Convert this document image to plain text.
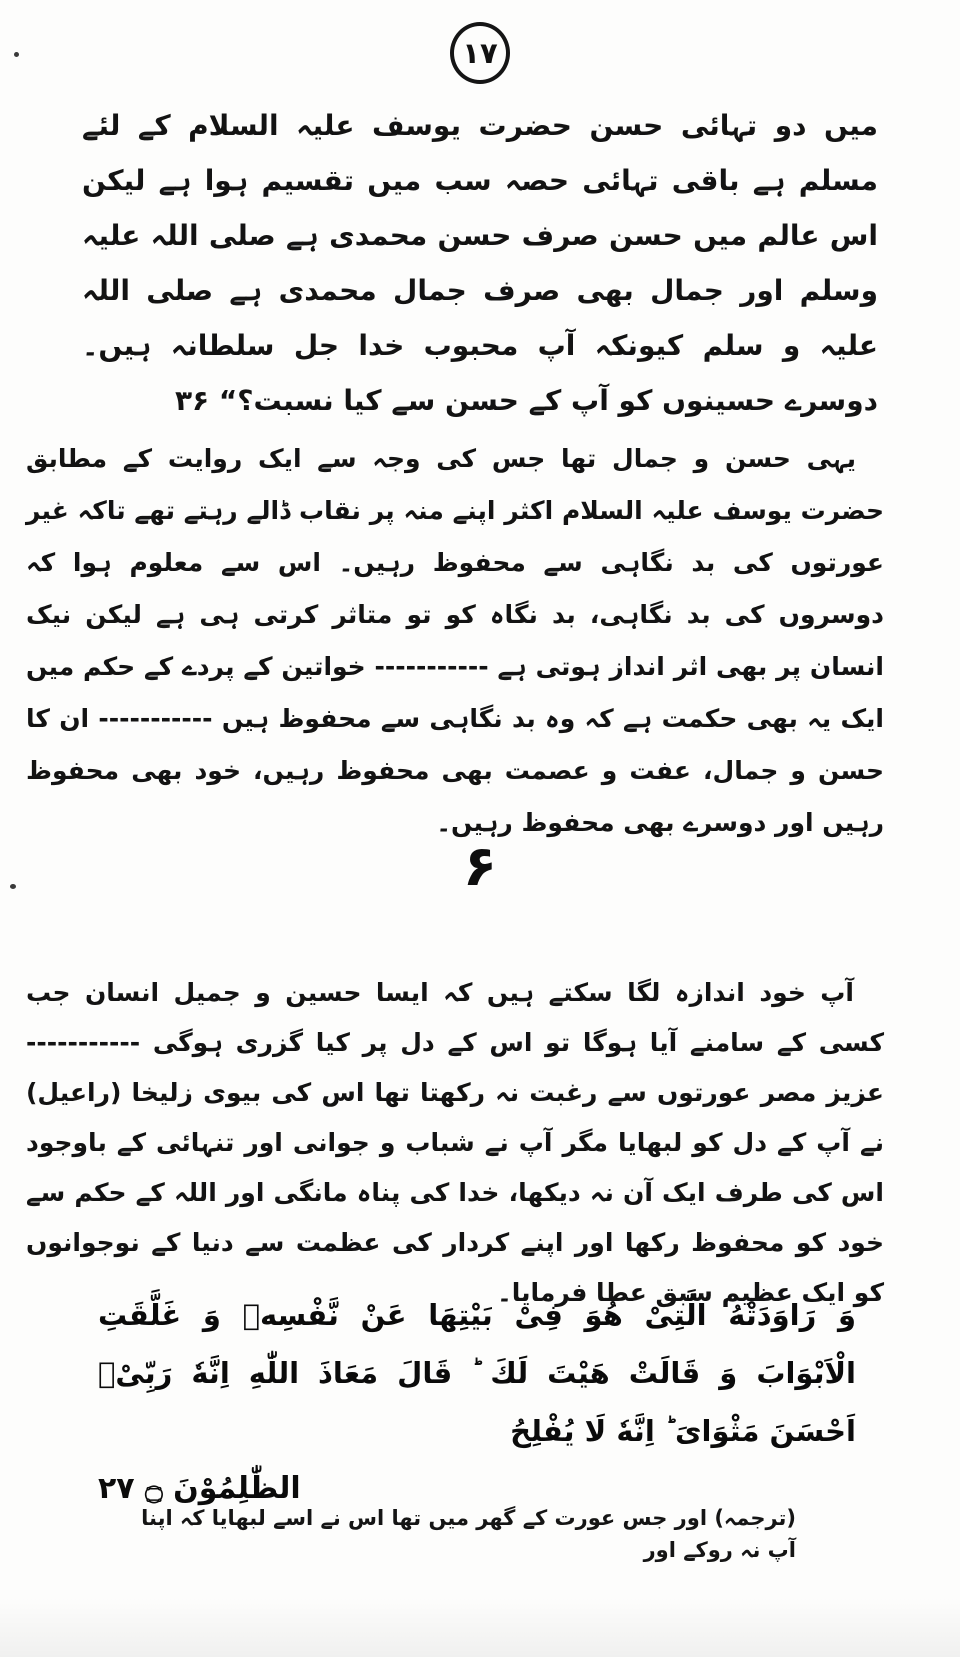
۱۷

میں دو تہائی حسن حضرت یوسف علیہ السلام کے لئے مسلم ہے باقی تہائی حصہ سب میں تقسیم ہوا ہے لیکن اس عالم میں حسن صرف حسن محمدی ہے صلی اللہ علیہ وسلم اور جمال بھی صرف جمال محمدی ہے صلی اللہ علیہ و سلم کیونکہ آپ محبوب خدا جل سلطانہ ہیں۔ دوسرے حسینوں کو آپ کے حسن سے کیا نسبت؟“ ۳۶

یہی حسن و جمال تھا جس کی وجہ سے ایک روایت کے مطابق حضرت یوسف علیہ السلام اکثر اپنے منہ پر نقاب ڈالے رہتے تھے تاکہ غیر عورتوں کی بد نگاہی سے محفوظ رہیں۔ اس سے معلوم ہوا کہ دوسروں کی بد نگاہی، بد نگاہ کو تو متاثر کرتی ہی ہے لیکن نیک انسان پر بھی اثر انداز ہوتی ہے ----------- خواتین کے پردے کے حکم میں ایک یہ بھی حکمت ہے کہ وہ بد نگاہی سے محفوظ ہیں ----------- ان کا حسن و جمال، عفت و عصمت بھی محفوظ رہیں، خود بھی محفوظ رہیں اور دوسرے بھی محفوظ رہیں۔

۶

آپ خود اندازہ لگا سکتے ہیں کہ ایسا حسین و جمیل انسان جب کسی کے سامنے آیا ہوگا تو اس کے دل پر کیا گزری ہوگی ----------- عزیز مصر عورتوں سے رغبت نہ رکھتا تھا اس کی بیوی زلیخا (راعیل) نے آپ کے دل کو لبھایا مگر آپ نے شباب و جوانی اور تنہائی کے باوجود اس کی طرف ایک آن نہ دیکھا، خدا کی پناہ مانگی اور اللہ کے حکم سے خود کو محفوظ رکھا اور اپنے کردار کی عظمت سے دنیا کے نوجوانوں کو ایک عظیم سبق عطا فرمایا۔

وَ رَاوَدَتْهُ الَّتِیْ هُوَ فِیْ بَیْتِهَا عَنْ نَّفْسِهٖ وَ غَلَّقَتِ الْاَبْوَابَ وَ قَالَتْ هَیْتَ لَكَ ؕ قَالَ مَعَاذَ اللّٰهِ اِنَّهٗ رَبِّیْۤ اَحْسَنَ مَثْوَایَ ؕ اِنَّهٗ لَا یُفْلِحُ
الظّٰلِمُوْنَ ۝ ۲۷

(ترجمہ) اور جس عورت کے گھر میں تھا اس نے اسے لبھایا کہ اپنا آپ نہ روکے اور
